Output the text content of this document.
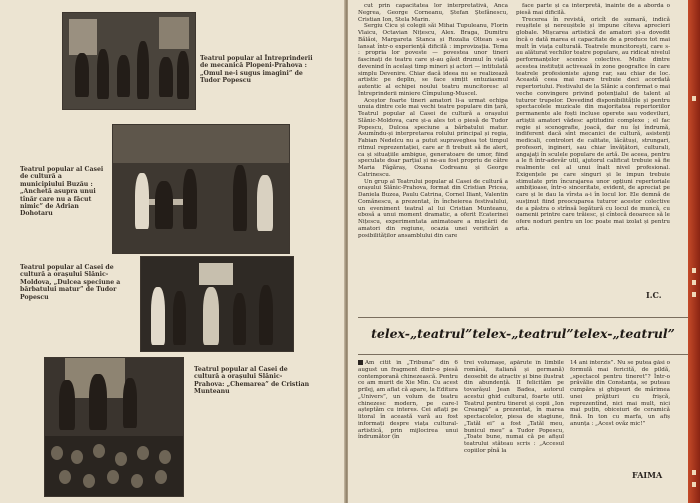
Teatrul popular al Întreprinderii de mecanică Plopeni-Prahova : „Omul ne-i sugus imagini” de Tudor Popescu
Teatrul popular al Casei de cultură a municipiului Buzău : „Anchetă asupra unui tînăr care nu a făcut nimic” de Adrian Dohotaru
Teatrul popular al Casei de cultură a orașului Slănic-Moldova, „Dulcea speciune a bărbatului matur” de Tudor Popescu
Teatrul popular al Casei de cultură a orașului Slănic-Prahova: „Chemarea” de Cristian Munteanu

cut prin capacitatea lor interpretativă, Anca Negrea, George Corneanu, Ștefan Ștefănescu, Cristian Ion, Stela Marin.

Sergiu Cicu și colegii săi Mihai Tupuleanu, Florin Vlaicu, Octavian Nițescu, Alex. Braga, Dumitru Bălăoi, Margareta Stanca și Rozalia Oltean s-au lansat într-o experiență dificilă : improvizația. Tema : propria lor poveste — povestea unor tineri fascinați de teatru care și-au găsit drumul în viață devenind în același timp mineri și actori — intitulată simplu Devenire. Chiar dacă ideea nu se realizează artistic pe deplin, se face simțit entuziasmul autentic al echipei noului teatru muncitoresc al Întreprinderii miniere Cîmpulung-Muscel.

Aceștor foarte tineri amatori li-a urmat echipa unuia dintre cele mai vechi teatre populare din țară, Teatrul popular al Casei de cultură a orașului Slănic-Moldova, care și-a ales tot o piesă de Tudor Popescu, Dulcea speciune a bărbatului matur. Asumîndu-și interpretarea rolului principal și regia, Fabian Nedelcu nu a putut supraveghea tot timpul ritmul reprezentației, care ar fi trebuit să fie alert, ca și situațiile ambigue, generatoare de umor, fiind speculate doar parțial și ne-au fost propriu de către Maria Făgăraș, Oxana Codreanu și George Catrinescu.

Un grup al Teatrului popular al Casei de cultură a orașului Slănic-Prahova, format din Cristian Pricea, Daniela Buzea, Paulu Catrina, Cornel Iliant, Valentin Comănescu, a prezentat, în încheierea festivalului, un eveniment teatral al lui Cristian Munteanu, ebosă a unui moment dramatic, a oferit Ecaterinei Nițescu, experimentata animatoare a mișcării de amatori din regiune, ocazia unei verificări a posibilităților ansamblului din care

face parte și ca interpretă, înainte de a aborda o piesă mai dificilă.

Trecerea în revistă, oricît de sumară, indică reușitele și nereușitele și impune cîteva aprecieri globale. Mișcarea artistică de amatori și-a dovedit încă o dată marea ei capacitate de a produce tot mai mult în viața culturală. Teatrele muncitorești, care s-au alăturat vechilor teatre populare, au ridicat nivelul performanțelor scenice colective. Multe dintre acestea instituții activează în zone geografice în care teatrele profesioniste ajung rar, sau chiar de loc. Această ceea mai mare trebuie deci acordată repertoriului. Festivalul de la Slănic a confirmat o mai veche convingere privind potențialul de talent al tuturor trupelor. Dovedind disponibilitățile și pentru spectacolele muzicale din majoritatea repertoriilor permanente ale foști incluse operete sau vodeviluri, artiștii amatori vădesc aptitudini complexe ; el fac regie și scenografie, joacă, dar nu își îndrumă, indiferent dacă sînt mecanici de cultură, asistenți medicali, controlori de calitate, lăcătuși, strungari, profesori, ingineri, sau chiar învățători, culturali, angajați în sculele populare de artă. De aceea, pentru a le fi într-adevăr util, ajutorul calificat trebuie să fie realmente cel al unui înalt nivel profesional. Exigențele pe care singuri și le impun trebuie stimulate prin încurajarea unor opțiuni repertoriale ambițioase, într-o sinceritate, evident, de apreciat pe care și le dau la vîrsta a-i în locul lor. Ele demnă de susținut fiind preocuparea tuturor acestor colective de a păstra o strînsă legătură cu locul de muncă, cu oamenii printre care trăiesc, și cîntecă deoarece să le ofere noduri pentru un loc poate mai izolat și pentru arta.

I.C.
telex-„teatrul”telex-„teatrul”telex-„teatrul”

Am citit în „Tribuna” din 6 august un fragment dintr-o piesă contemporană chinezească. Pentru ce am murit de Xie Min. Cu acest prilej, am aflat că apare, la Editura „Univers”, un volum de teatru chinezesc modern, pe care-l așteptăm cu interes. Cei aflați pe litoral în această vară au fost informați despre viața cultural-artistică, prin mijlocirea unui îndrumător (în

trei volumașe, apărute în limbile română, italiană și germană) deosebit de atractiv și bine ilustrat din abundență. II felicităm pe tovarășul Jean Badea, autorul acestui ghid cultural, foarte util. Teatrul pentru tineret și copii „Ion Creangă” a prezentat, în marea spectacolelor, piesa de stagiune, „Tatăl ei” a fost „Tatăl meu, bunicul meu” a Tudor Popescu, „Toate bune, numai că pe afișul teatrului stăteau scris : „Accesul copiilor pînă la

14 ani interzis”. Nu se putea găsi o formulă mai fericită, de pildă, „spectacol pentru tineret”? Într-o prăvălie din Constanța, se puteau cumpăra și ghipsuri de mărimea unei prăjituri cu frișcă, reprezentînd, nici mai mult, nici mai puțin, obiceiuri de ceramică fină. In ton cu marfa, un afiș anunța : „Acest ovăz mic!”

FAIMA
